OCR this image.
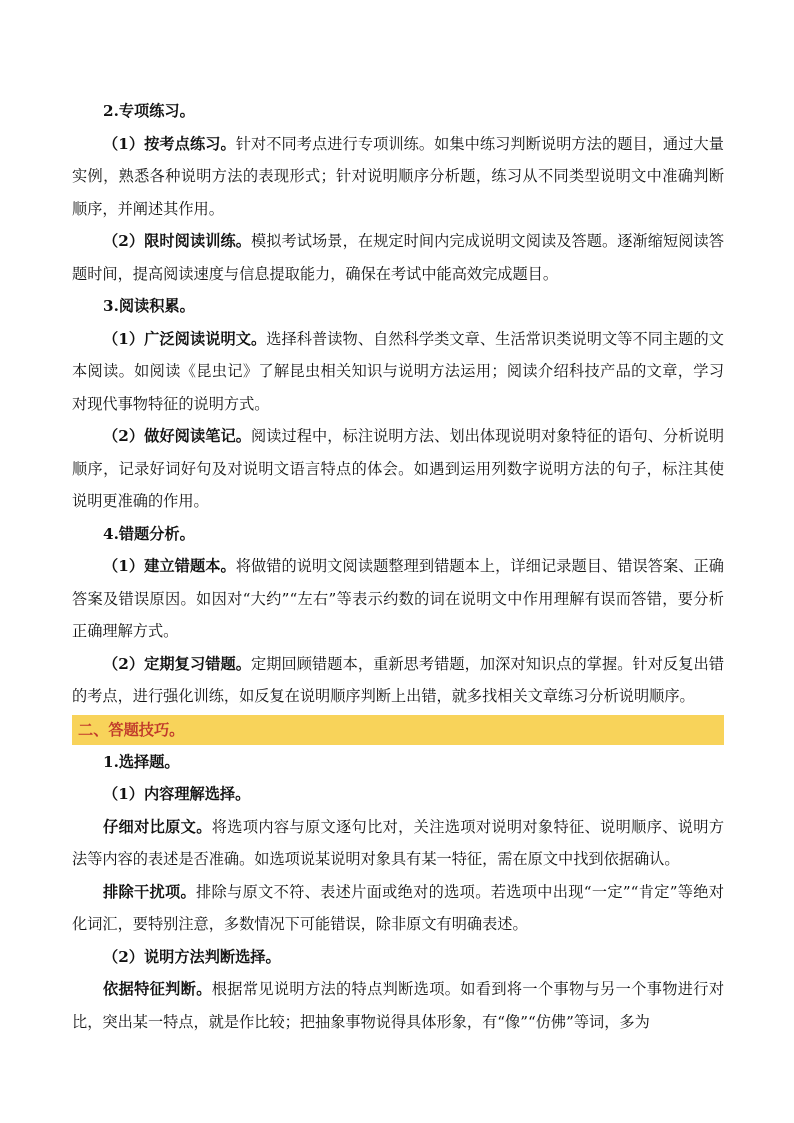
2.专项练习。

（1）按考点练习。针对不同考点进行专项训练。如集中练习判断说明方法的题目，通过大量实例，熟悉各种说明方法的表现形式；针对说明顺序分析题，练习从不同类型说明文中准确判断顺序，并阐述其作用。

（2）限时阅读训练。模拟考试场景，在规定时间内完成说明文阅读及答题。逐渐缩短阅读答题时间，提高阅读速度与信息提取能力，确保在考试中能高效完成题目。

3.阅读积累。

（1）广泛阅读说明文。选择科普读物、自然科学类文章、生活常识类说明文等不同主题的文本阅读。如阅读《昆虫记》了解昆虫相关知识与说明方法运用；阅读介绍科技产品的文章，学习对现代事物特征的说明方式。

（2）做好阅读笔记。阅读过程中，标注说明方法、划出体现说明对象特征的语句、分析说明顺序，记录好词好句及对说明文语言特点的体会。如遇到运用列数字说明方法的句子，标注其使说明更准确的作用。

4.错题分析。

（1）建立错题本。将做错的说明文阅读题整理到错题本上，详细记录题目、错误答案、正确答案及错误原因。如因对“大约”“左右”等表示约数的词在说明文中作用理解有误而答错，要分析正确理解方式。

（2）定期复习错题。定期回顾错题本，重新思考错题，加深对知识点的掌握。针对反复出错的考点，进行强化训练，如反复在说明顺序判断上出错，就多找相关文章练习分析说明顺序。

二、答题技巧。

1.选择题。

（1）内容理解选择。

仔细对比原文。将选项内容与原文逐句比对，关注选项对说明对象特征、说明顺序、说明方法等内容的表述是否准确。如选项说某说明对象具有某一特征，需在原文中找到依据确认。

排除干扰项。排除与原文不符、表述片面或绝对的选项。若选项中出现“一定”“肯定”等绝对化词汇，要特别注意，多数情况下可能错误，除非原文有明确表述。

（2）说明方法判断选择。

依据特征判断。根据常见说明方法的特点判断选项。如看到将一个事物与另一个事物进行对比，突出某一特点，就是作比较；把抽象事物说得具体形象，有“像”“仿佛”等词，多为
